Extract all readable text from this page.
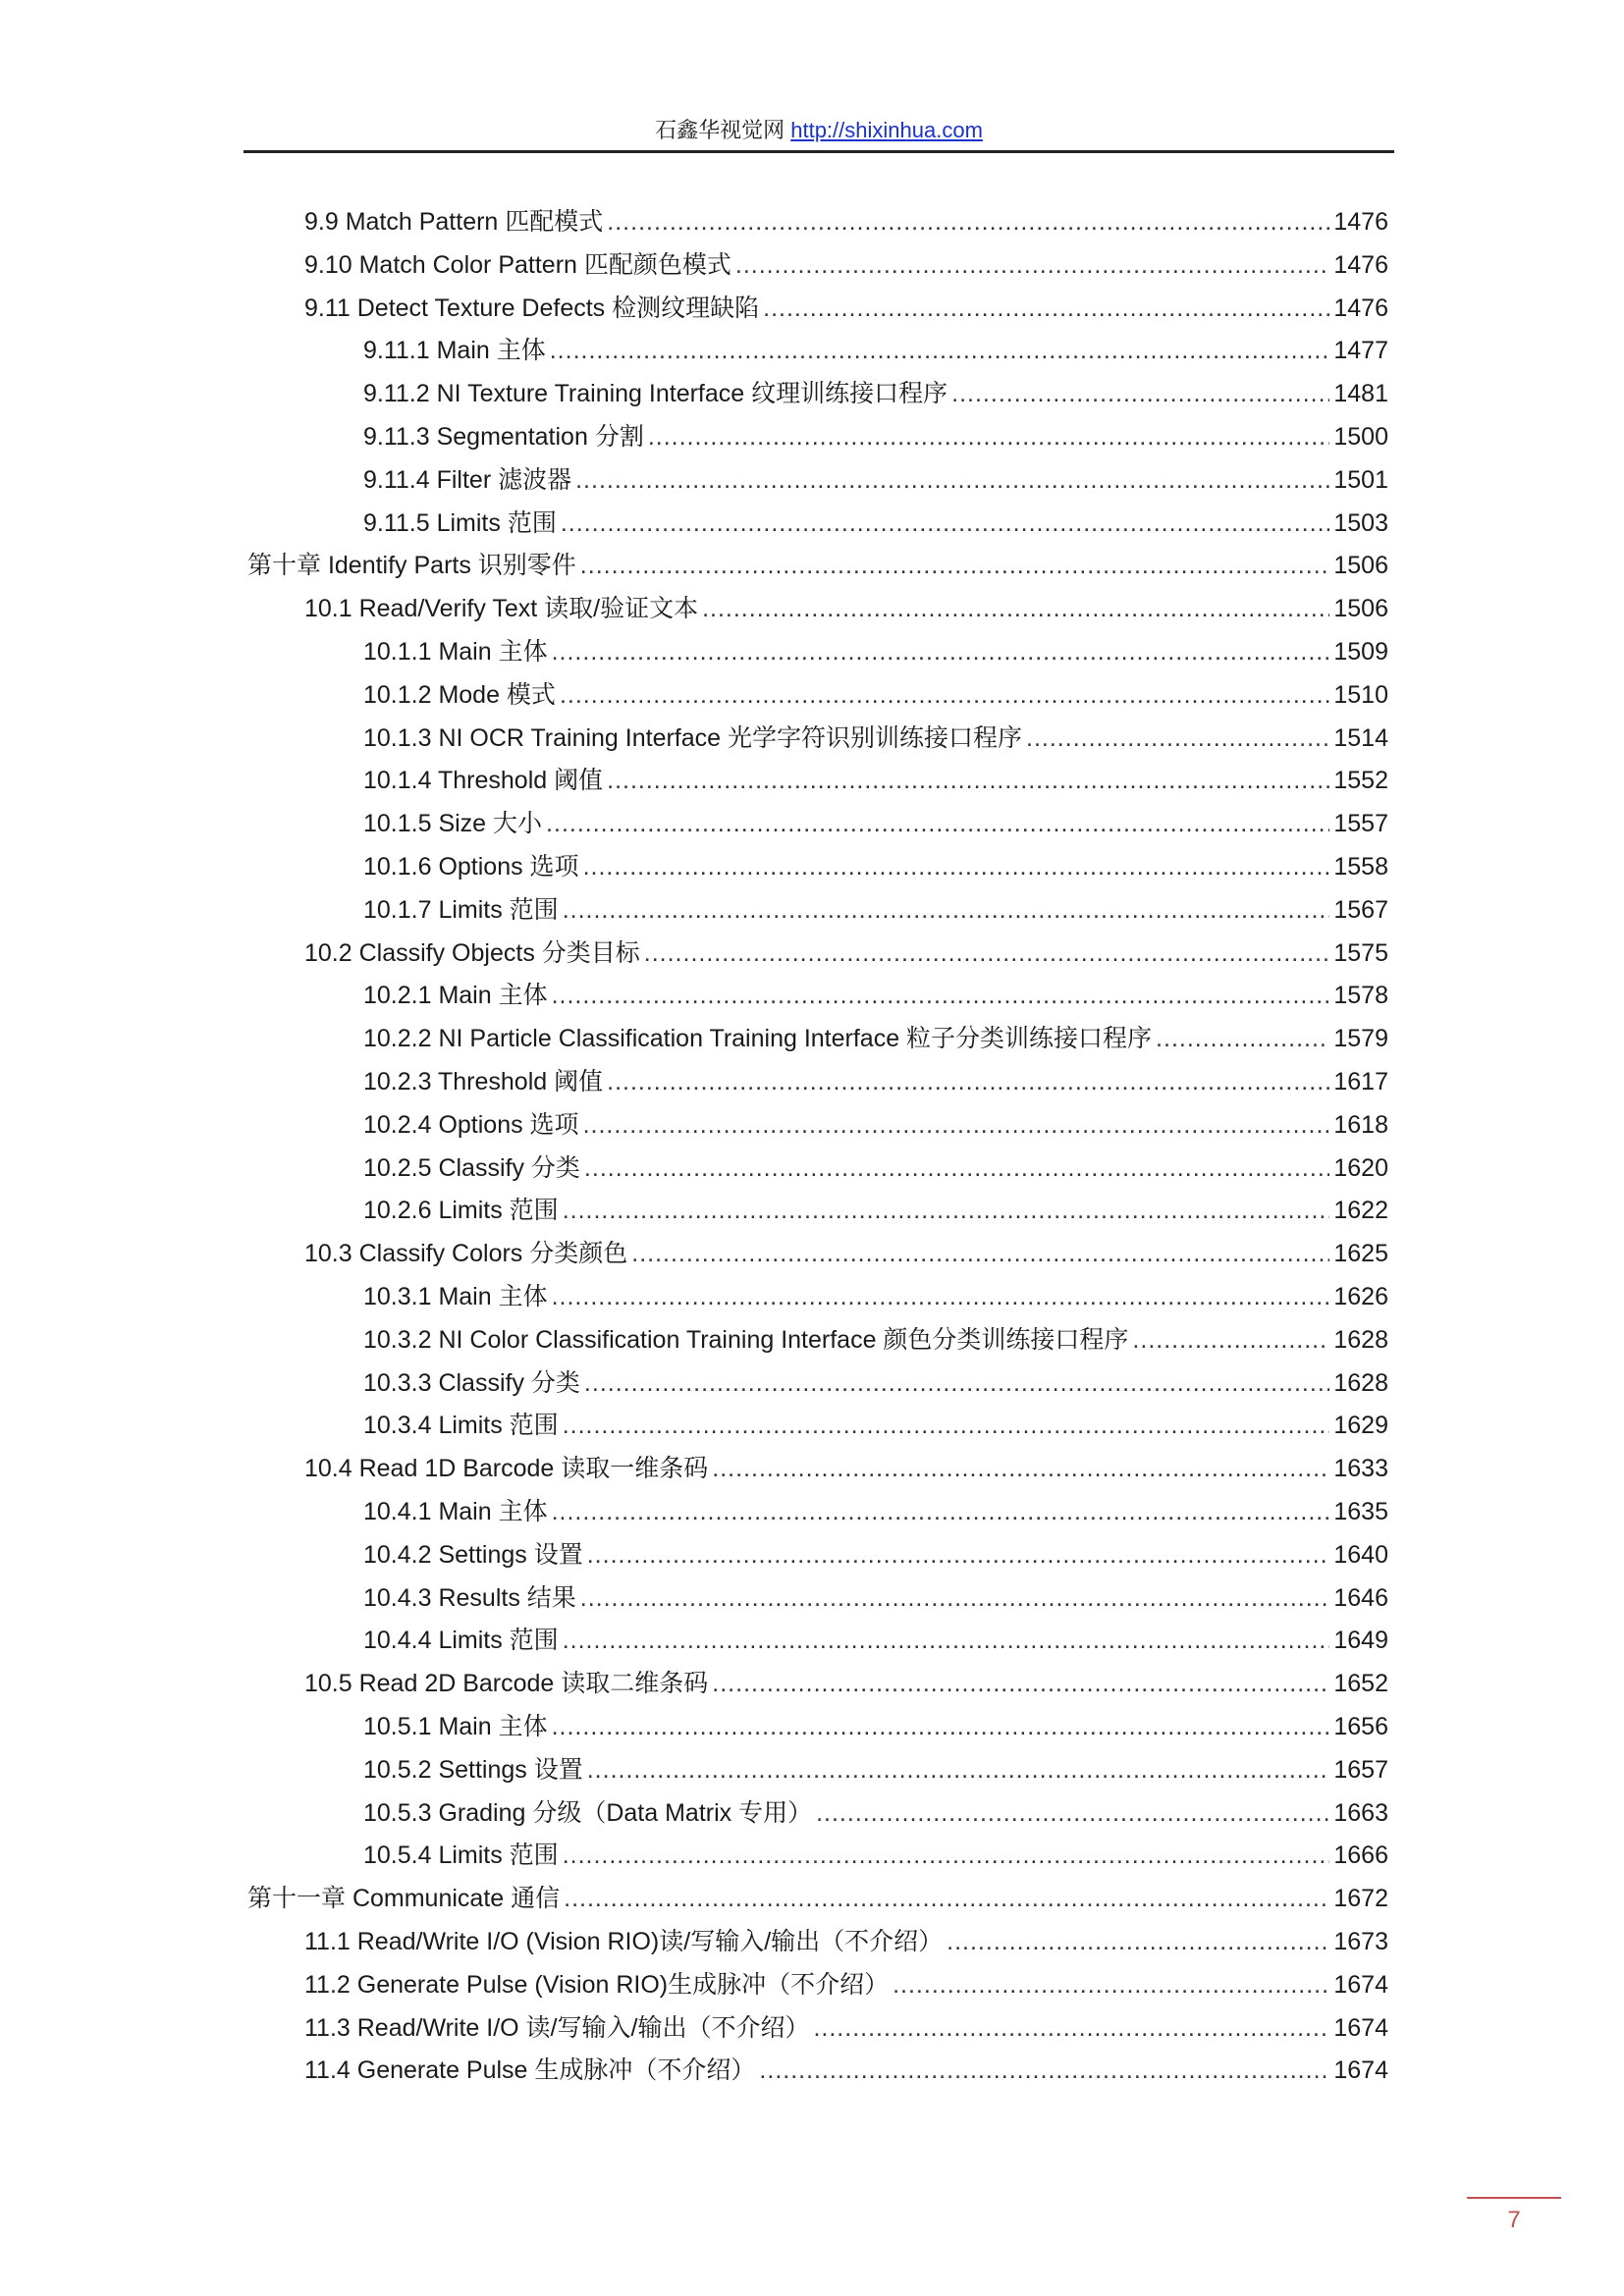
石鑫华视觉网 http://shixinhua.com
9.9 Match Pattern 匹配模式 .....	1476
9.10 Match Color Pattern 匹配颜色模式 .....	1476
9.11 Detect Texture Defects 检测纹理缺陷 .....	1476
9.11.1 Main 主体 .....	1477
9.11.2 NI Texture Training Interface 纹理训练接口程序 .....	1481
9.11.3 Segmentation 分割 .....	1500
9.11.4 Filter 滤波器 .....	1501
9.11.5 Limits 范围 .....	1503
第十章 Identify Parts 识别零件 .....	1506
10.1 Read/Verify Text 读取/验证文本 .....	1506
10.1.1 Main 主体 .....	1509
10.1.2 Mode 模式 .....	1510
10.1.3 NI OCR Training Interface 光学字符识别训练接口程序 .....	1514
10.1.4 Threshold 阈值 .....	1552
10.1.5 Size 大小 .....	1557
10.1.6 Options 选项 .....	1558
10.1.7 Limits 范围 .....	1567
10.2 Classify Objects 分类目标 .....	1575
10.2.1 Main 主体 .....	1578
10.2.2 NI Particle Classification Training Interface 粒子分类训练接口程序 .....	1579
10.2.3 Threshold 阈值 .....	1617
10.2.4 Options 选项 .....	1618
10.2.5 Classify 分类 .....	1620
10.2.6 Limits 范围 .....	1622
10.3 Classify Colors 分类颜色 .....	1625
10.3.1 Main 主体 .....	1626
10.3.2 NI Color Classification Training Interface 颜色分类训练接口程序 .....	1628
10.3.3 Classify 分类 .....	1628
10.3.4 Limits 范围 .....	1629
10.4 Read 1D Barcode 读取一维条码 .....	1633
10.4.1 Main 主体 .....	1635
10.4.2 Settings 设置 .....	1640
10.4.3 Results 结果 .....	1646
10.4.4 Limits 范围 .....	1649
10.5 Read 2D Barcode 读取二维条码 .....	1652
10.5.1 Main 主体 .....	1656
10.5.2 Settings 设置 .....	1657
10.5.3 Grading 分级（Data Matrix 专用） .....	1663
10.5.4 Limits 范围 .....	1666
第十一章 Communicate 通信 .....	1672
11.1 Read/Write I/O (Vision RIO)读/写输入/输出（不介绍） .....	1673
11.2 Generate Pulse (Vision RIO)生成脉冲（不介绍） .....	1674
11.3 Read/Write I/O 读/写输入/输出（不介绍） .....	1674
11.4 Generate Pulse 生成脉冲（不介绍） .....	1674
7
